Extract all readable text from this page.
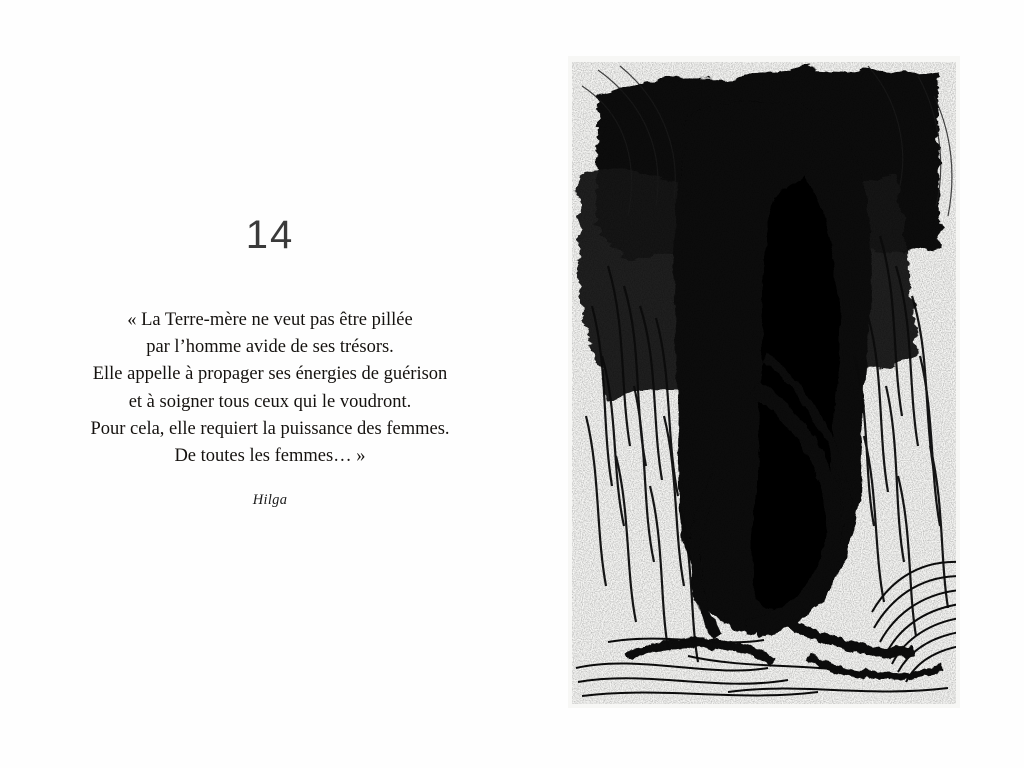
14
« La Terre-mère ne veut pas être pillée
par l’homme avide de ses trésors.
Elle appelle à propager ses énergies de guérison
et à soigner tous ceux qui le voudront.
Pour cela, elle requiert la puissance des femmes.
De toutes les femmes… »
Hilga
